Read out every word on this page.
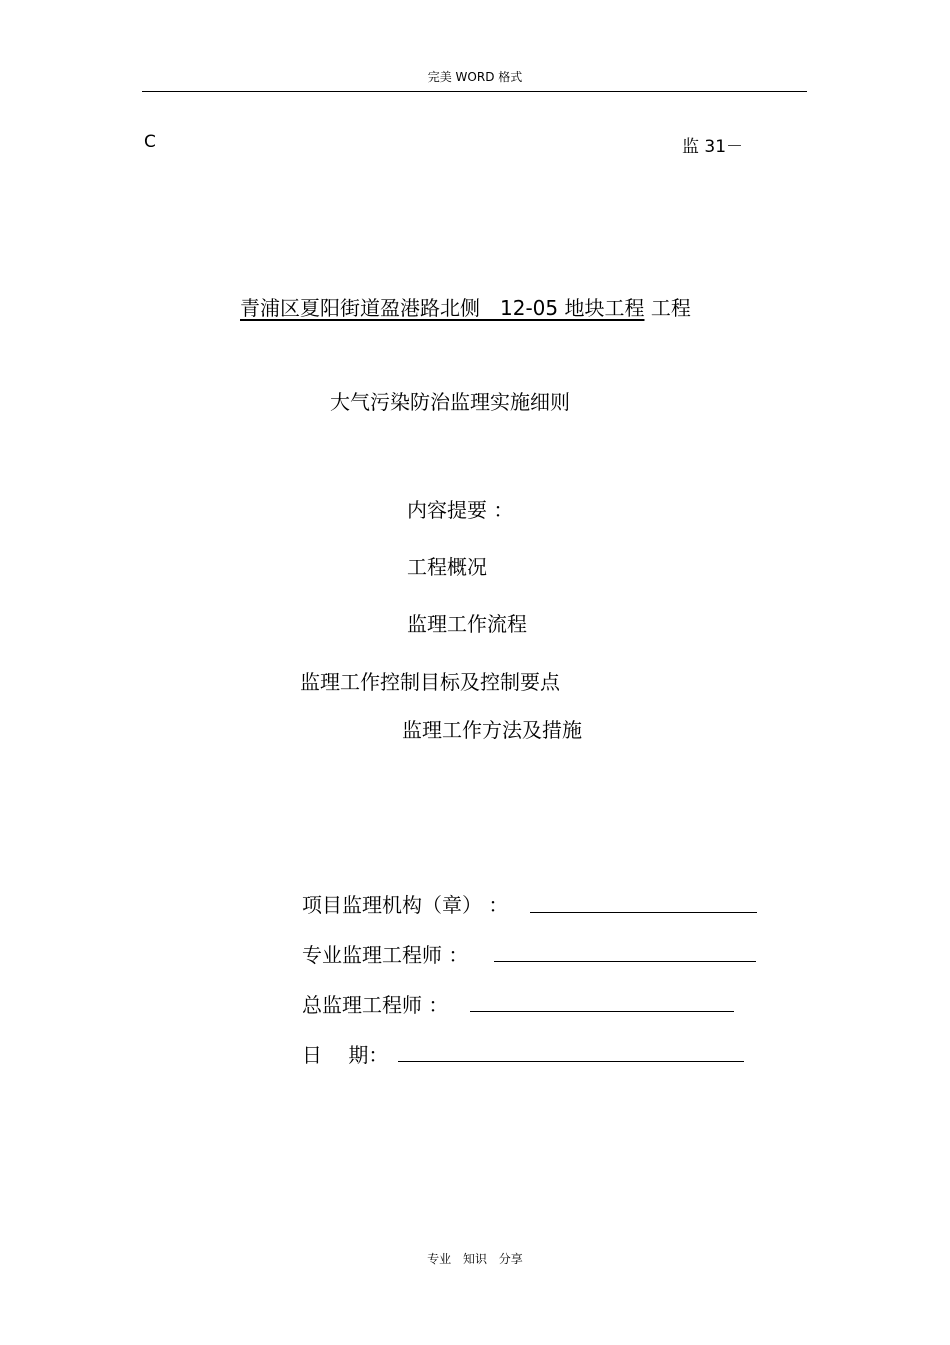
完美 WORD 格式
C	监 31－
青浦区夏阳街道盈港路北侧　12-05 地块工程 工程
大气污染防治监理实施细则
内容提要 ：
工程概况
监理工作流程
监理工作控制目标及控制要点
监理工作方法及措施
项目监理机构（章） ：
专业监理工程师 ：
总监理工程师 ：
日　 期：
专业 知识 分享
